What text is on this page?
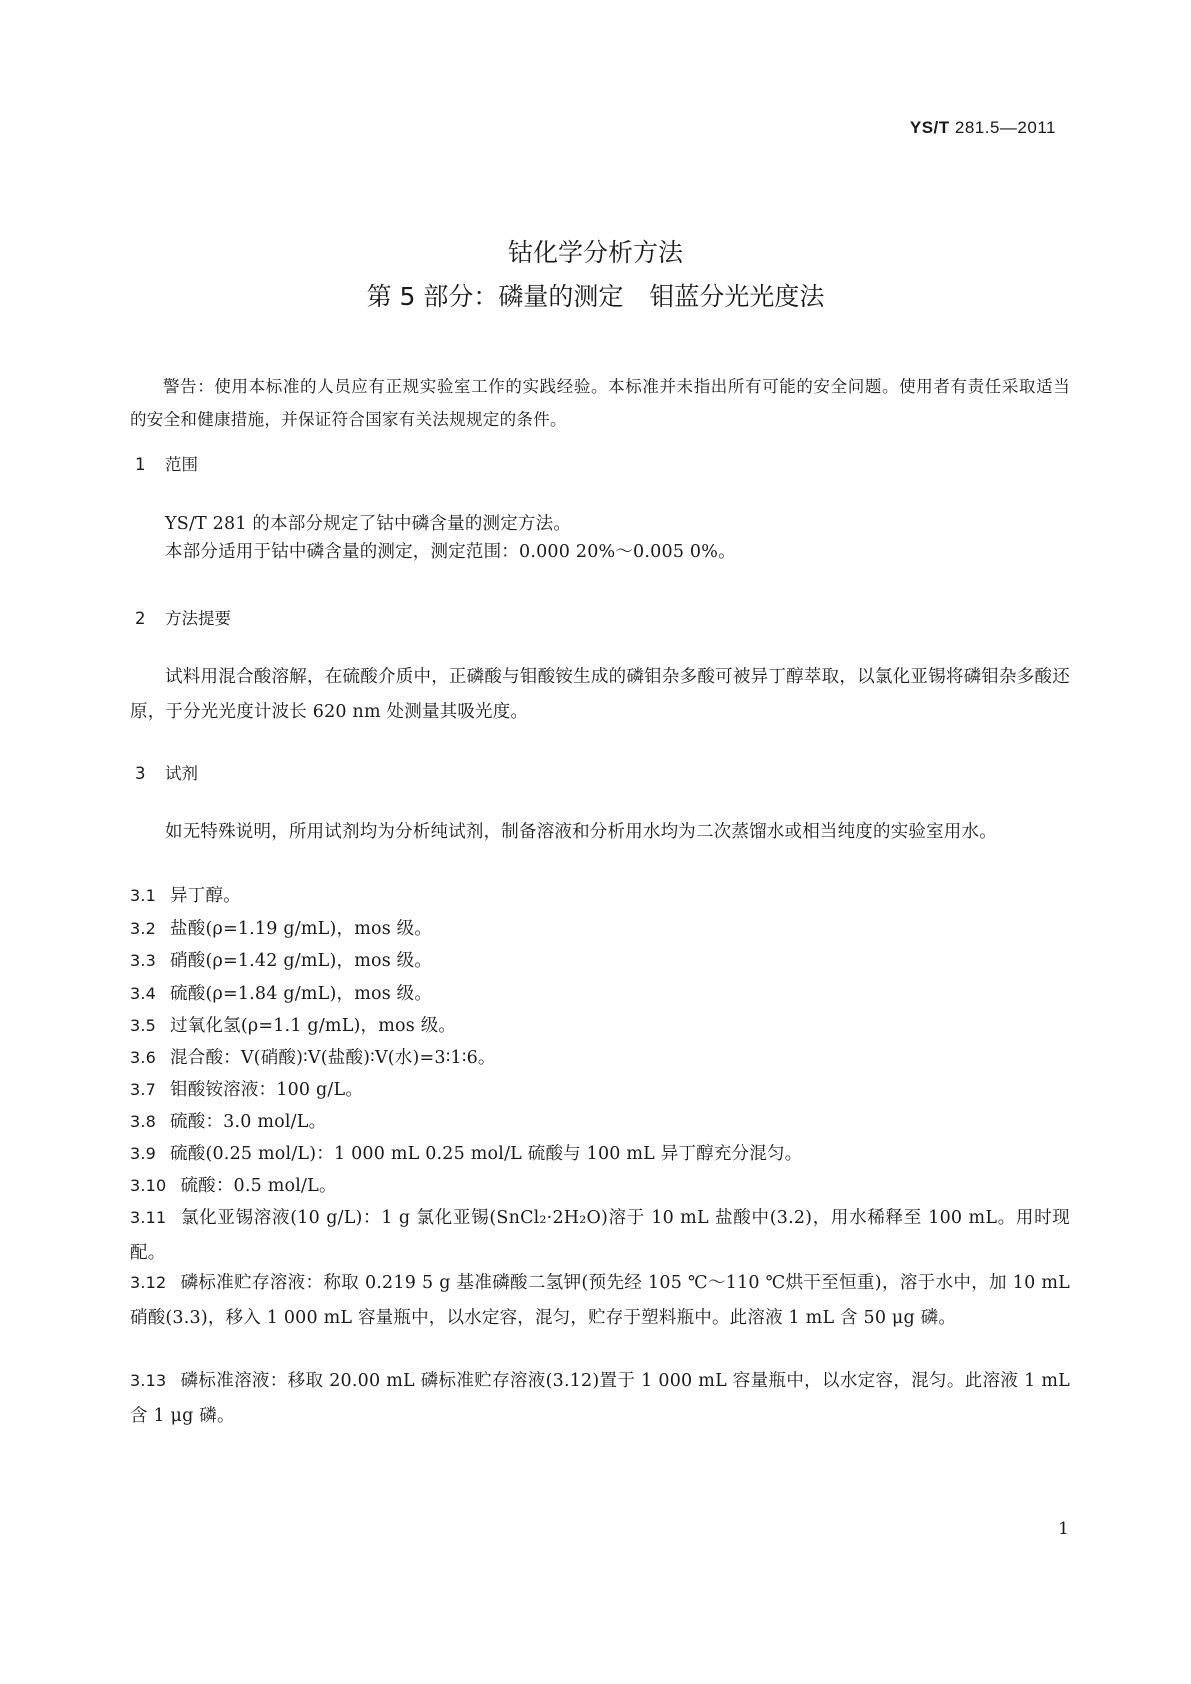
YS/T 281.5—2011
钴化学分析方法
第 5 部分：磷量的测定 钼蓝分光光度法
警告：使用本标准的人员应有正规实验室工作的实践经验。本标准并未指出所有可能的安全问题。使用者有责任采取适当的安全和健康措施，并保证符合国家有关法规规定的条件。
1 范围
YS/T 281 的本部分规定了钴中磷含量的测定方法。
本部分适用于钴中磷含量的测定，测定范围：0.000 20%～0.005 0%。
2 方法提要
试料用混合酸溶解，在硫酸介质中，正磷酸与钼酸铵生成的磷钼杂多酸可被异丁醇萃取，以氯化亚锡将磷钼杂多酸还原，于分光光度计波长 620 nm 处测量其吸光度。
3 试剂
如无特殊说明，所用试剂均为分析纯试剂，制备溶液和分析用水均为二次蒸馏水或相当纯度的实验室用水。
3.1 异丁醇。
3.2 盐酸(ρ=1.19 g/mL)，mos 级。
3.3 硝酸(ρ=1.42 g/mL)，mos 级。
3.4 硫酸(ρ=1.84 g/mL)，mos 级。
3.5 过氧化氢(ρ=1.1 g/mL)，mos 级。
3.6 混合酸：V(硝酸)∶V(盐酸)∶V(水)=3∶1∶6。
3.7 钼酸铵溶液：100 g/L。
3.8 硫酸：3.0 mol/L。
3.9 硫酸(0.25 mol/L)：1 000 mL 0.25 mol/L 硫酸与 100 mL 异丁醇充分混匀。
3.10 硫酸：0.5 mol/L。
3.11 氯化亚锡溶液(10 g/L)：1 g 氯化亚锡(SnCl₂·2H₂O)溶于 10 mL 盐酸中(3.2)，用水稀释至 100 mL。用时现配。
3.12 磷标准贮存溶液：称取 0.219 5 g 基准磷酸二氢钾(预先经 105 ℃～110 ℃烘干至恒重)，溶于水中，加 10 mL 硝酸(3.3)，移入 1 000 mL 容量瓶中，以水定容，混匀，贮存于塑料瓶中。此溶液 1 mL 含 50 μg 磷。
3.13 磷标准溶液：移取 20.00 mL 磷标准贮存溶液(3.12)置于 1 000 mL 容量瓶中，以水定容，混匀。此溶液 1 mL 含 1 μg 磷。
1
